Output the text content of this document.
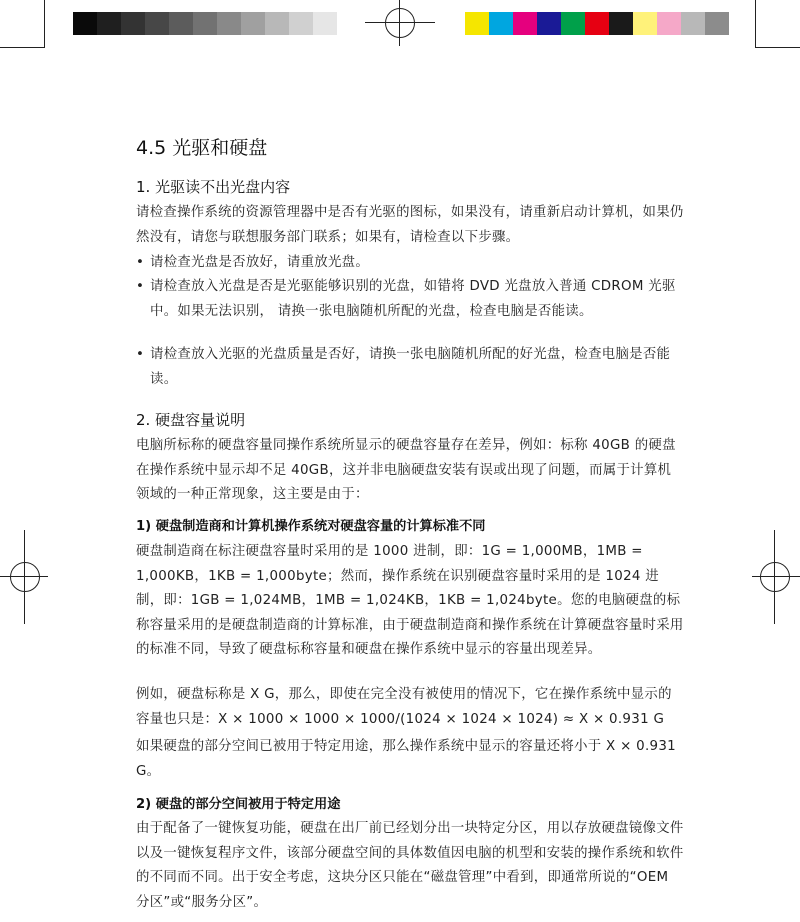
4.5 光驱和硬盘
1. 光驱读不出光盘内容

请检查操作系统的资源管理器中是否有光驱的图标，如果没有，请重新启动计算机，如果仍然没有，请您与联想服务部门联系；如果有，请检查以下步骤。

• 请检查光盘是否放好，请重放光盘。
• 请检查放入光盘是否是光驱能够识别的光盘，如错将 DVD 光盘放入普通 CDROM 光驱中。如果无法识别， 请换一张电脑随机所配的光盘，检查电脑是否能读。
• 请检查放入光驱的光盘质量是否好，请换一张电脑随机所配的好光盘，检查电脑是否能读。
2. 硬盘容量说明

电脑所标称的硬盘容量同操作系统所显示的硬盘容量存在差异，例如：标称 40GB 的硬盘在操作系统中显示却不足 40GB，这并非电脑硬盘安装有误或出现了问题，而属于计算机领域的一种正常现象，这主要是由于：

1) 硬盘制造商和计算机操作系统对硬盘容量的计算标准不同

硬盘制造商在标注硬盘容量时采用的是 1000 进制，即：1G = 1,000MB，1MB = 1,000KB，1KB = 1,000byte；然而，操作系统在识别硬盘容量时采用的是 1024 进制，即：1GB = 1,024MB，1MB = 1,024KB，1KB = 1,024byte。您的电脑硬盘的标称容量采用的是硬盘制造商的计算标准，由于硬盘制造商和操作系统在计算硬盘容量时采用的标准不同，导致了硬盘标称容量和硬盘在操作系统中显示的容量出现差异。

例如，硬盘标称是 X G，那么，即使在完全没有被使用的情况下，它在操作系统中显示的容量也只是：X × 1000 × 1000 × 1000/(1024 × 1024 × 1024) ≈ X × 0.931 G

如果硬盘的部分空间已被用于特定用途，那么操作系统中显示的容量还将小于 X × 0.931 G。

2) 硬盘的部分空间被用于特定用途

由于配备了一键恢复功能，硬盘在出厂前已经划分出一块特定分区，用以存放硬盘镜像文件以及一键恢复程序文件，该部分硬盘空间的具体数值因电脑的机型和安装的操作系统和软件的不同而不同。出于安全考虑，这块分区只能在“磁盘管理”中看到，即通常所说的“OEM 分区”或“服务分区”。
